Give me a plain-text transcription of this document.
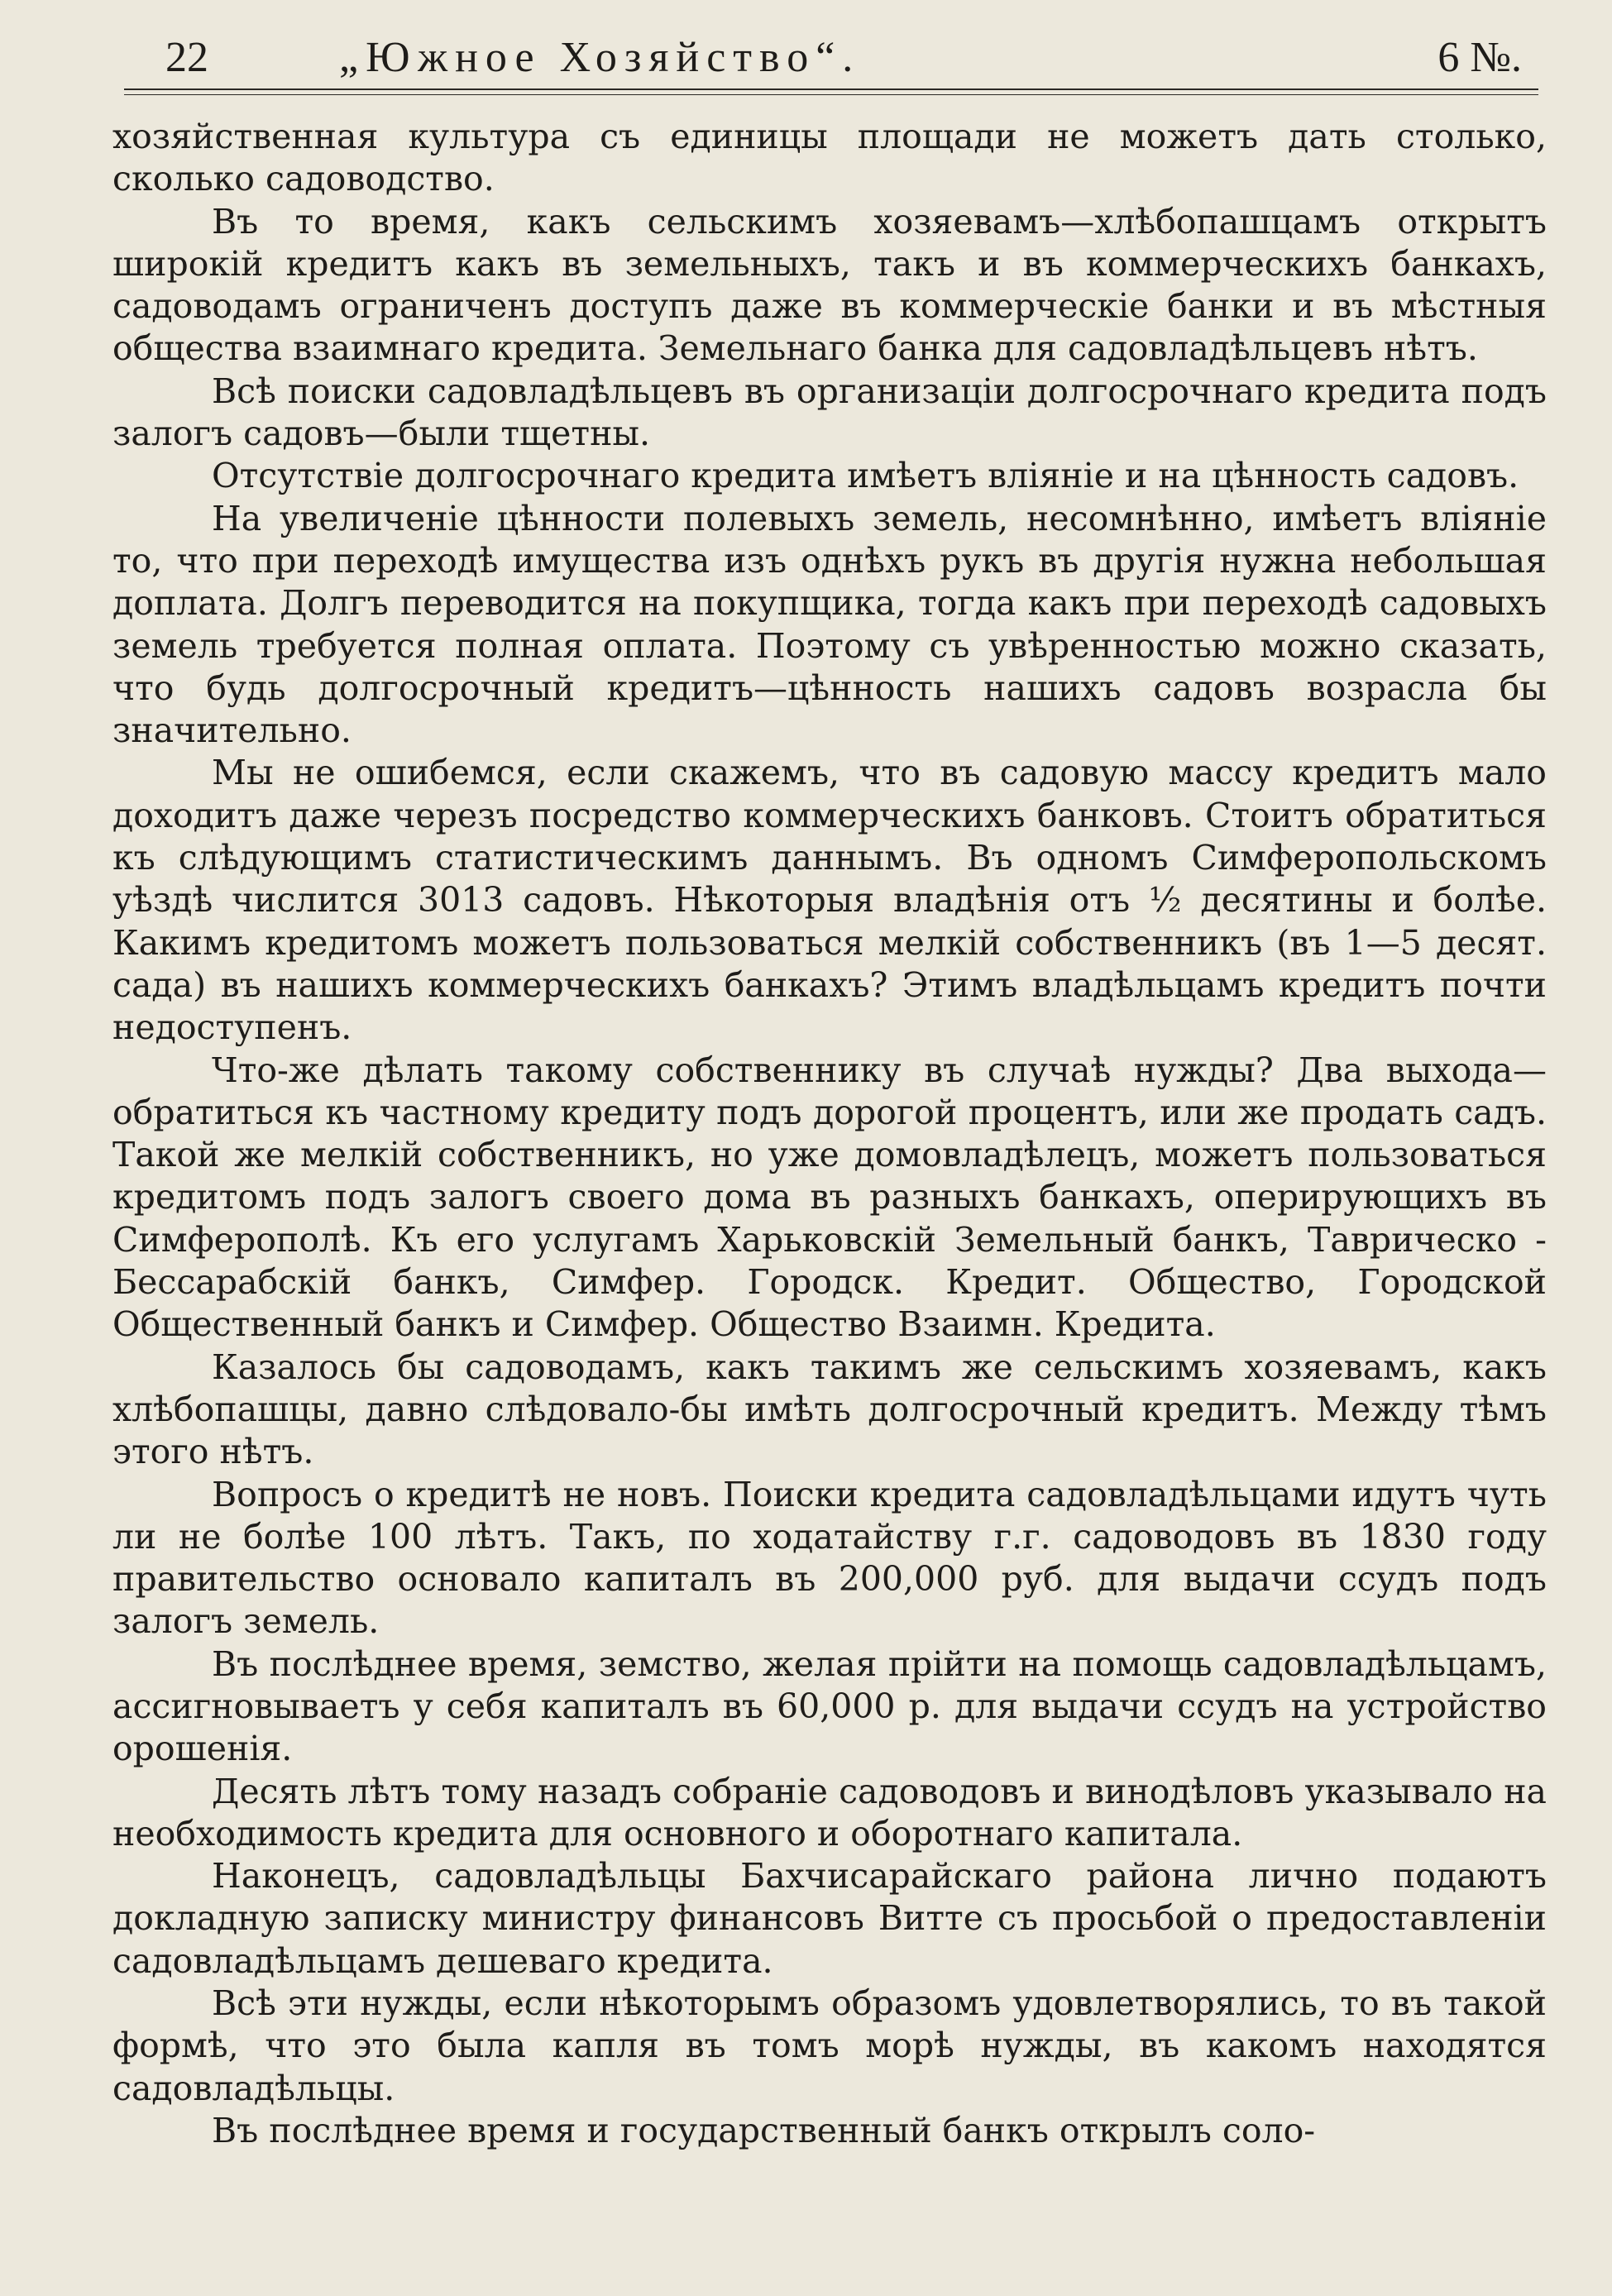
22	„Южное Хозяйство“.	6 №.

хозяйственная культура съ единицы площади не можетъ дать столько, сколько садоводство.

Въ то время, какъ сельскимъ хозяевамъ—хлѣбопашцамъ открытъ широкій кредитъ какъ въ земельныхъ, такъ и въ коммерческихъ банкахъ, садоводамъ ограниченъ доступъ даже въ коммерческіе банки и въ мѣстныя общества взаимнаго кредита. Земельнаго банка для садовладѣльцевъ нѣтъ.

Всѣ поиски садовладѣльцевъ въ организаціи долгосрочнаго кредита подъ залогъ садовъ—были тщетны.

Отсутствіе долгосрочнаго кредита имѣетъ вліяніе и на цѣнность садовъ.

На увеличеніе цѣнности полевыхъ земель, несомнѣнно, имѣетъ вліяніе то, что при переходѣ имущества изъ однѣхъ рукъ въ другія нужна небольшая доплата. Долгъ переводится на покупщика, тогда какъ при переходѣ садовыхъ земель требуется полная оплата. Поэтому съ увѣренностью можно сказать, что будь долгосрочный кредитъ—цѣнность нашихъ садовъ возрасла бы значительно.

Мы не ошибемся, если скажемъ, что въ садовую массу кредитъ мало доходитъ даже черезъ посредство коммерческихъ банковъ. Стоитъ обратиться къ слѣдующимъ статистическимъ даннымъ. Въ одномъ Симферопольскомъ уѣздѣ числится 3013 садовъ. Нѣкоторыя владѣнія отъ ½ десятины и болѣе. Какимъ кредитомъ можетъ пользоваться мелкій собственникъ (въ 1—5 десят. сада) въ нашихъ коммерческихъ банкахъ? Этимъ владѣльцамъ кредитъ почти недоступенъ.

Что-же дѣлать такому собственнику въ случаѣ нужды? Два выхода—обратиться къ частному кредиту подъ дорогой процентъ, или же продать садъ. Такой же мелкій собственникъ, но уже домовладѣлецъ, можетъ пользоваться кредитомъ подъ залогъ своего дома въ разныхъ банкахъ, оперирующихъ въ Симферополѣ. Къ его услугамъ Харьковскій Земельный банкъ, Таврическо - Бессарабскій банкъ, Симфер. Городск. Кредит. Общество, Городской Общественный банкъ и Симфер. Общество Взаимн. Кредита.

Казалось бы садоводамъ, какъ такимъ же сельскимъ хозяевамъ, какъ хлѣбопашцы, давно слѣдовало-бы имѣть долгосрочный кредитъ. Между тѣмъ этого нѣтъ.

Вопросъ о кредитѣ не новъ. Поиски кредита садовладѣльцами идутъ чуть ли не болѣе 100 лѣтъ. Такъ, по ходатайству г.г. садоводовъ въ 1830 году правительство основало капиталъ въ 200,000 руб. для выдачи ссудъ подъ залогъ земель.

Въ послѣднее время, земство, желая прійти на помощь садовладѣльцамъ, ассигновываетъ у себя капиталъ въ 60,000 р. для выдачи ссудъ на устройство орошенія.

Десять лѣтъ тому назадъ собраніе садоводовъ и винодѣловъ указывало на необходимость кредита для основного и оборотнаго капитала.

Наконецъ, садовладѣльцы Бахчисарайскаго района лично подаютъ докладную записку министру финансовъ Витте съ просьбой о предоставленіи садовладѣльцамъ дешеваго кредита.

Всѣ эти нужды, если нѣкоторымъ образомъ удовлетворялись, то въ такой формѣ, что это была капля въ томъ морѣ нужды, въ какомъ находятся садовладѣльцы.

Въ послѣднее время и государственный банкъ открылъ соло-
